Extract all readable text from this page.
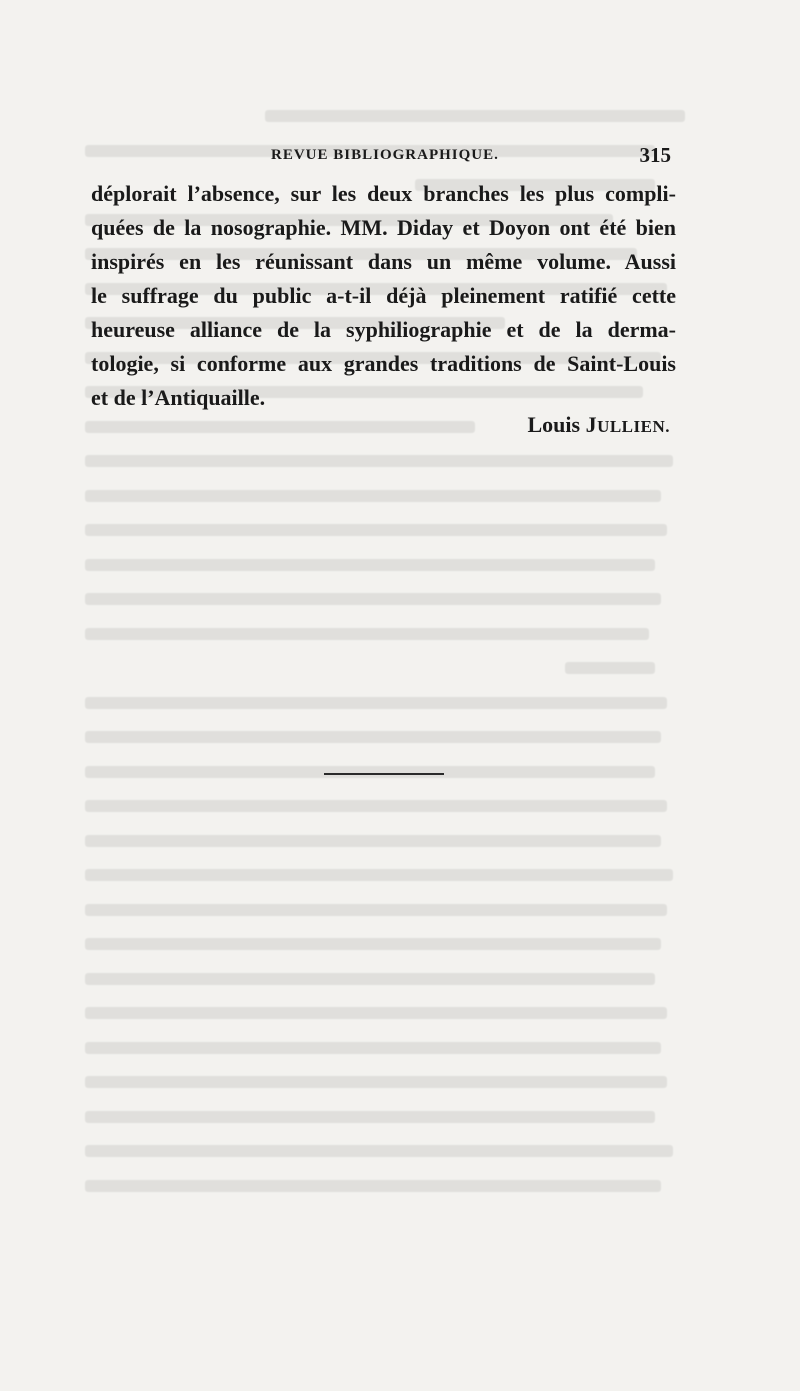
REVUE BIBLIOGRAPHIQUE.	315

déplorait l’absence, sur les deux branches les plus compli-
quées de la nosographie. MM. Diday et Doyon ont été bien
inspirés en les réunissant dans un même volume. Aussi
le suffrage du public a-t-il déjà pleinement ratifié cette
heureuse alliance de la syphiliographie et de la derma-
tologie, si conforme aux grandes traditions de Saint-Louis
et de l’Antiquaille.

Louis JULLIEN.
